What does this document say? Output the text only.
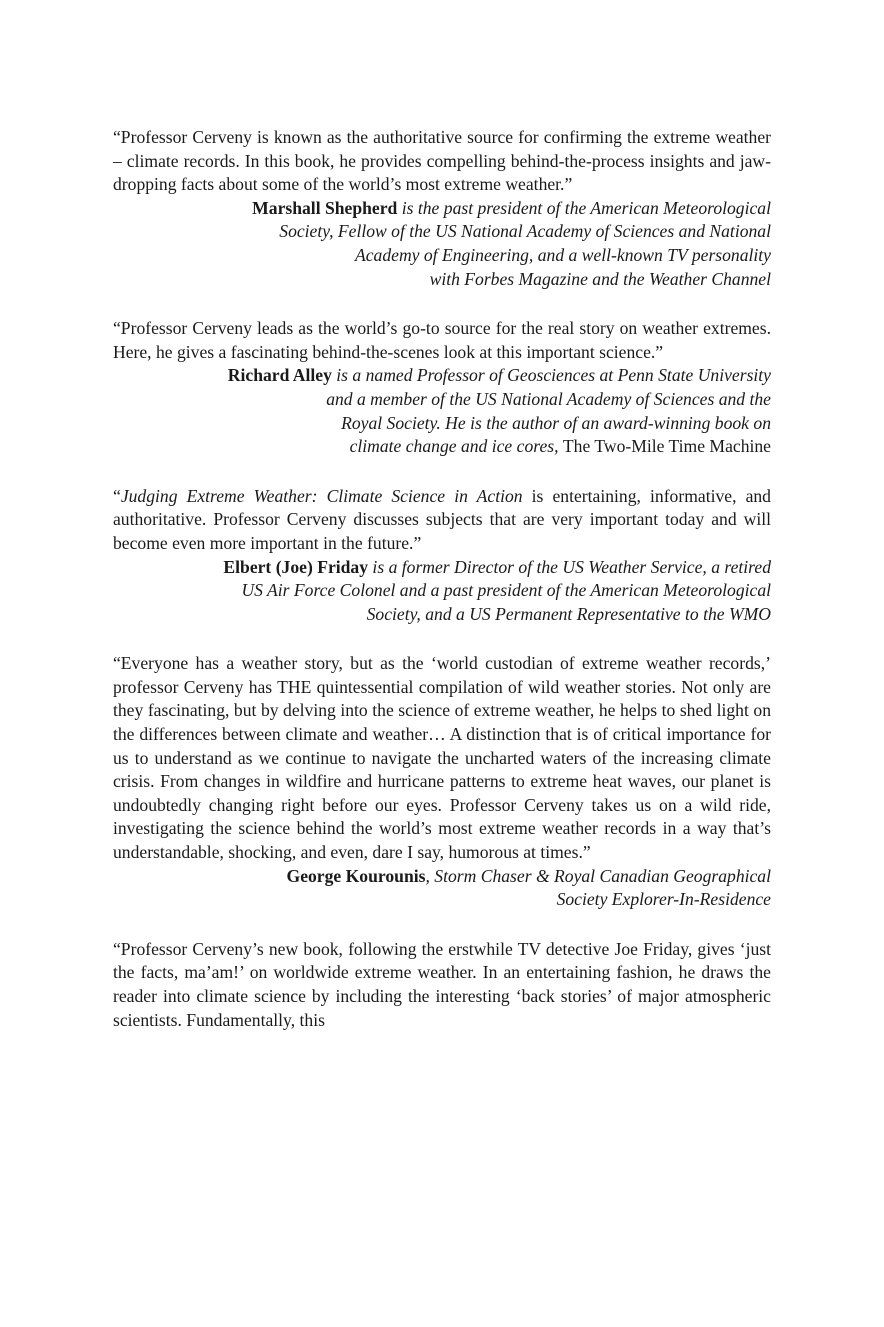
“Professor Cerveny is known as the authoritative source for confirming the extreme weather – climate records. In this book, he provides compelling behind-the-process insights and jaw-dropping facts about some of the world’s most extreme weather.”

Marshall Shepherd is the past president of the American Meteorological
Society, Fellow of the US National Academy of Sciences and National
Academy of Engineering, and a well-known TV personality
with Forbes Magazine and the Weather Channel

“Professor Cerveny leads as the world’s go-to source for the real story on weather extremes. Here, he gives a fascinating behind-the-scenes look at this important science.”

Richard Alley is a named Professor of Geosciences at Penn State University
and a member of the US National Academy of Sciences and the
Royal Society. He is the author of an award-winning book on
climate change and ice cores, The Two-Mile Time Machine

“Judging Extreme Weather: Climate Science in Action is entertaining, informative, and authoritative. Professor Cerveny discusses subjects that are very important today and will become even more important in the future.”

Elbert (Joe) Friday is a former Director of the US Weather Service, a retired
US Air Force Colonel and a past president of the American Meteorological
Society, and a US Permanent Representative to the WMO

“Everyone has a weather story, but as the ‘world custodian of extreme weather records,’ professor Cerveny has THE quintessential compilation of wild weather stories. Not only are they fascinating, but by delving into the science of extreme weather, he helps to shed light on the differences between climate and weather… A distinction that is of critical importance for us to understand as we continue to navigate the uncharted waters of the increasing climate crisis. From changes in wildfire and hurricane patterns to extreme heat waves, our planet is undoubtedly changing right before our eyes. Professor Cerveny takes us on a wild ride, investigating the science behind the world’s most extreme weather records in a way that’s understandable, shocking, and even, dare I say, humorous at times.”

George Kourounis, Storm Chaser & Royal Canadian Geographical
Society Explorer-In-Residence

“Professor Cerveny’s new book, following the erstwhile TV detective Joe Friday, gives ‘just the facts, ma’am!’ on worldwide extreme weather. In an entertaining fashion, he draws the reader into climate science by including the interesting ‘back stories’ of major atmospheric scientists. Fundamentally, this
